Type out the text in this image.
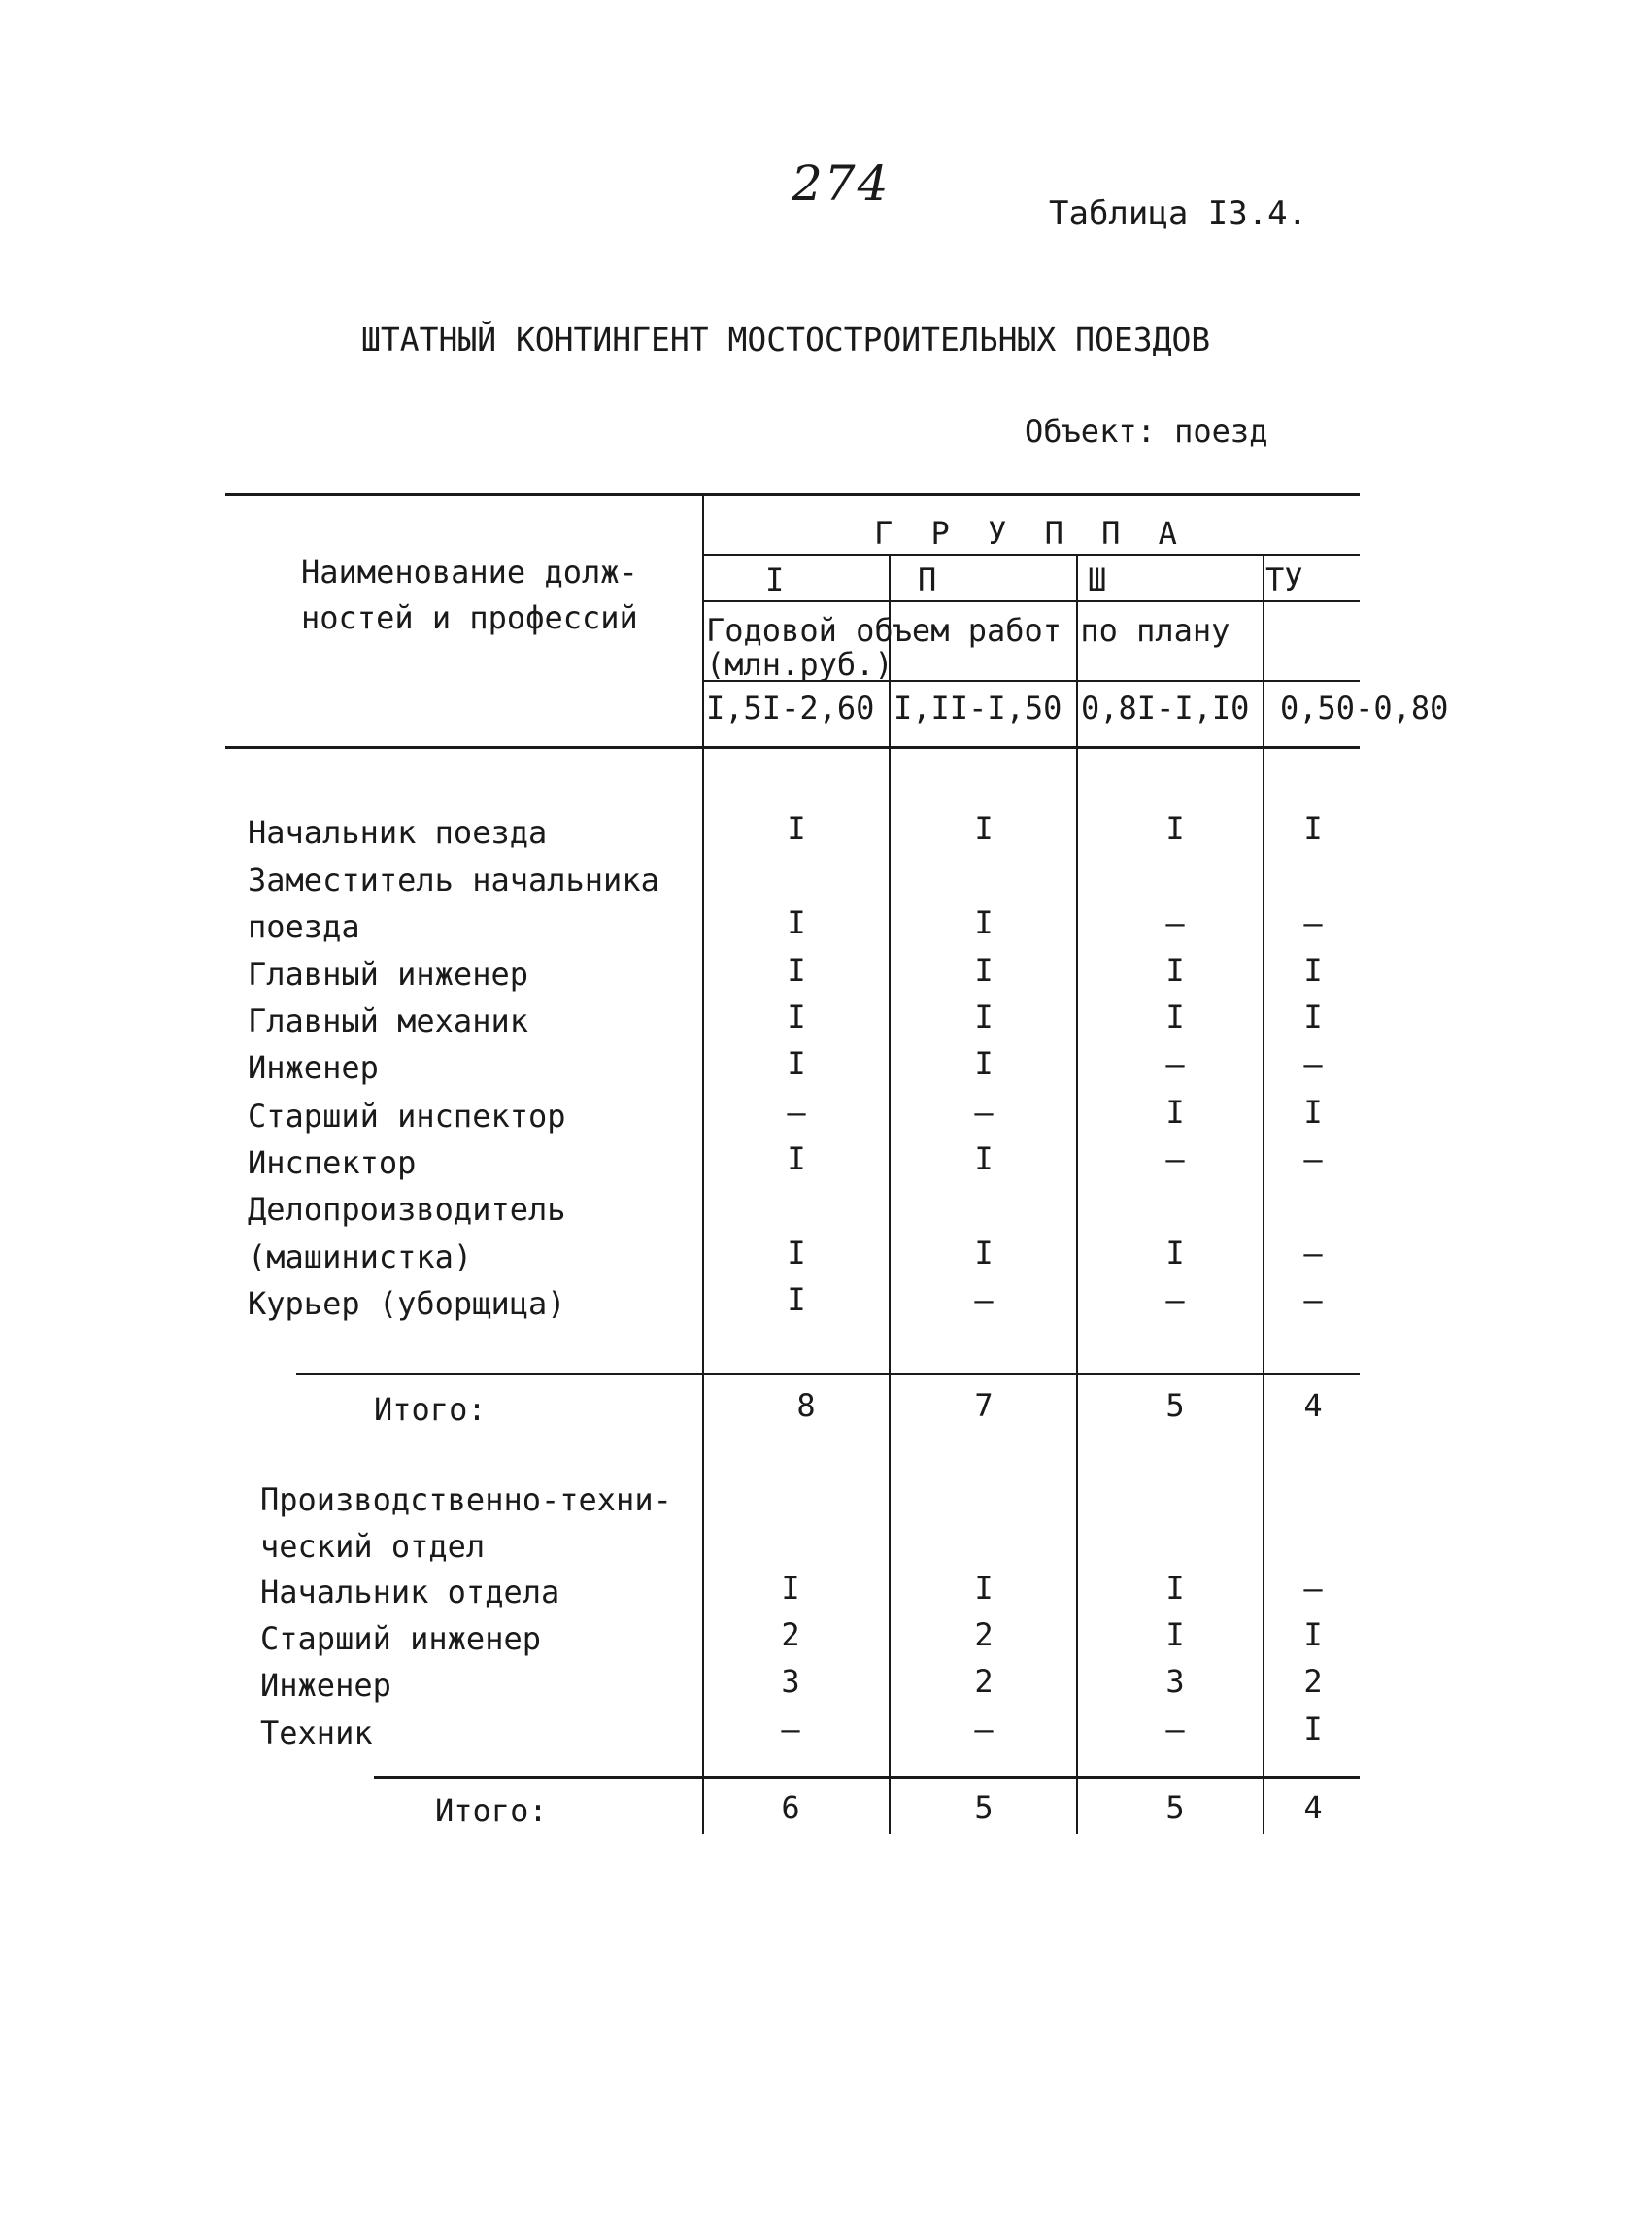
274
Таблица I3.4.
ШТАТНЫЙ КОНТИНГЕНТ МОСТОСТРОИТЕЛЬНЫХ ПОЕЗДОВ
Объект: поезд
Наименование долж-
ностей и профессий
Г Р У П П А
I	П	Ш	ТУ
Годовой объем работ по плану
(млн.руб.)
I,5I-2,60 I,II-I,50 0,8I-I,I0 0,50-0,80
Начальник поезда	I	I	I	I
Заместитель начальника
поезда	I	I	–	–
Главный инженер	I	I	I	I
Главный механик	I	I	I	I
Инженер	I	I	–	–
Старший инспектор	–	–	I	I
Инспектор	I	I	–	–
Делопроизводитель
(машинистка)	I	I	I	–
Курьер (уборщица)	I	–	–	–
Итого:	8	7	5	4
Производственно-техни-
ческий отдел
Начальник отдела	I	I	I	–
Старший инженер	2	2	I	I
Инженер	3	2	3	2
Техник	–	–	–	I
Итого:	6	5	5	4
